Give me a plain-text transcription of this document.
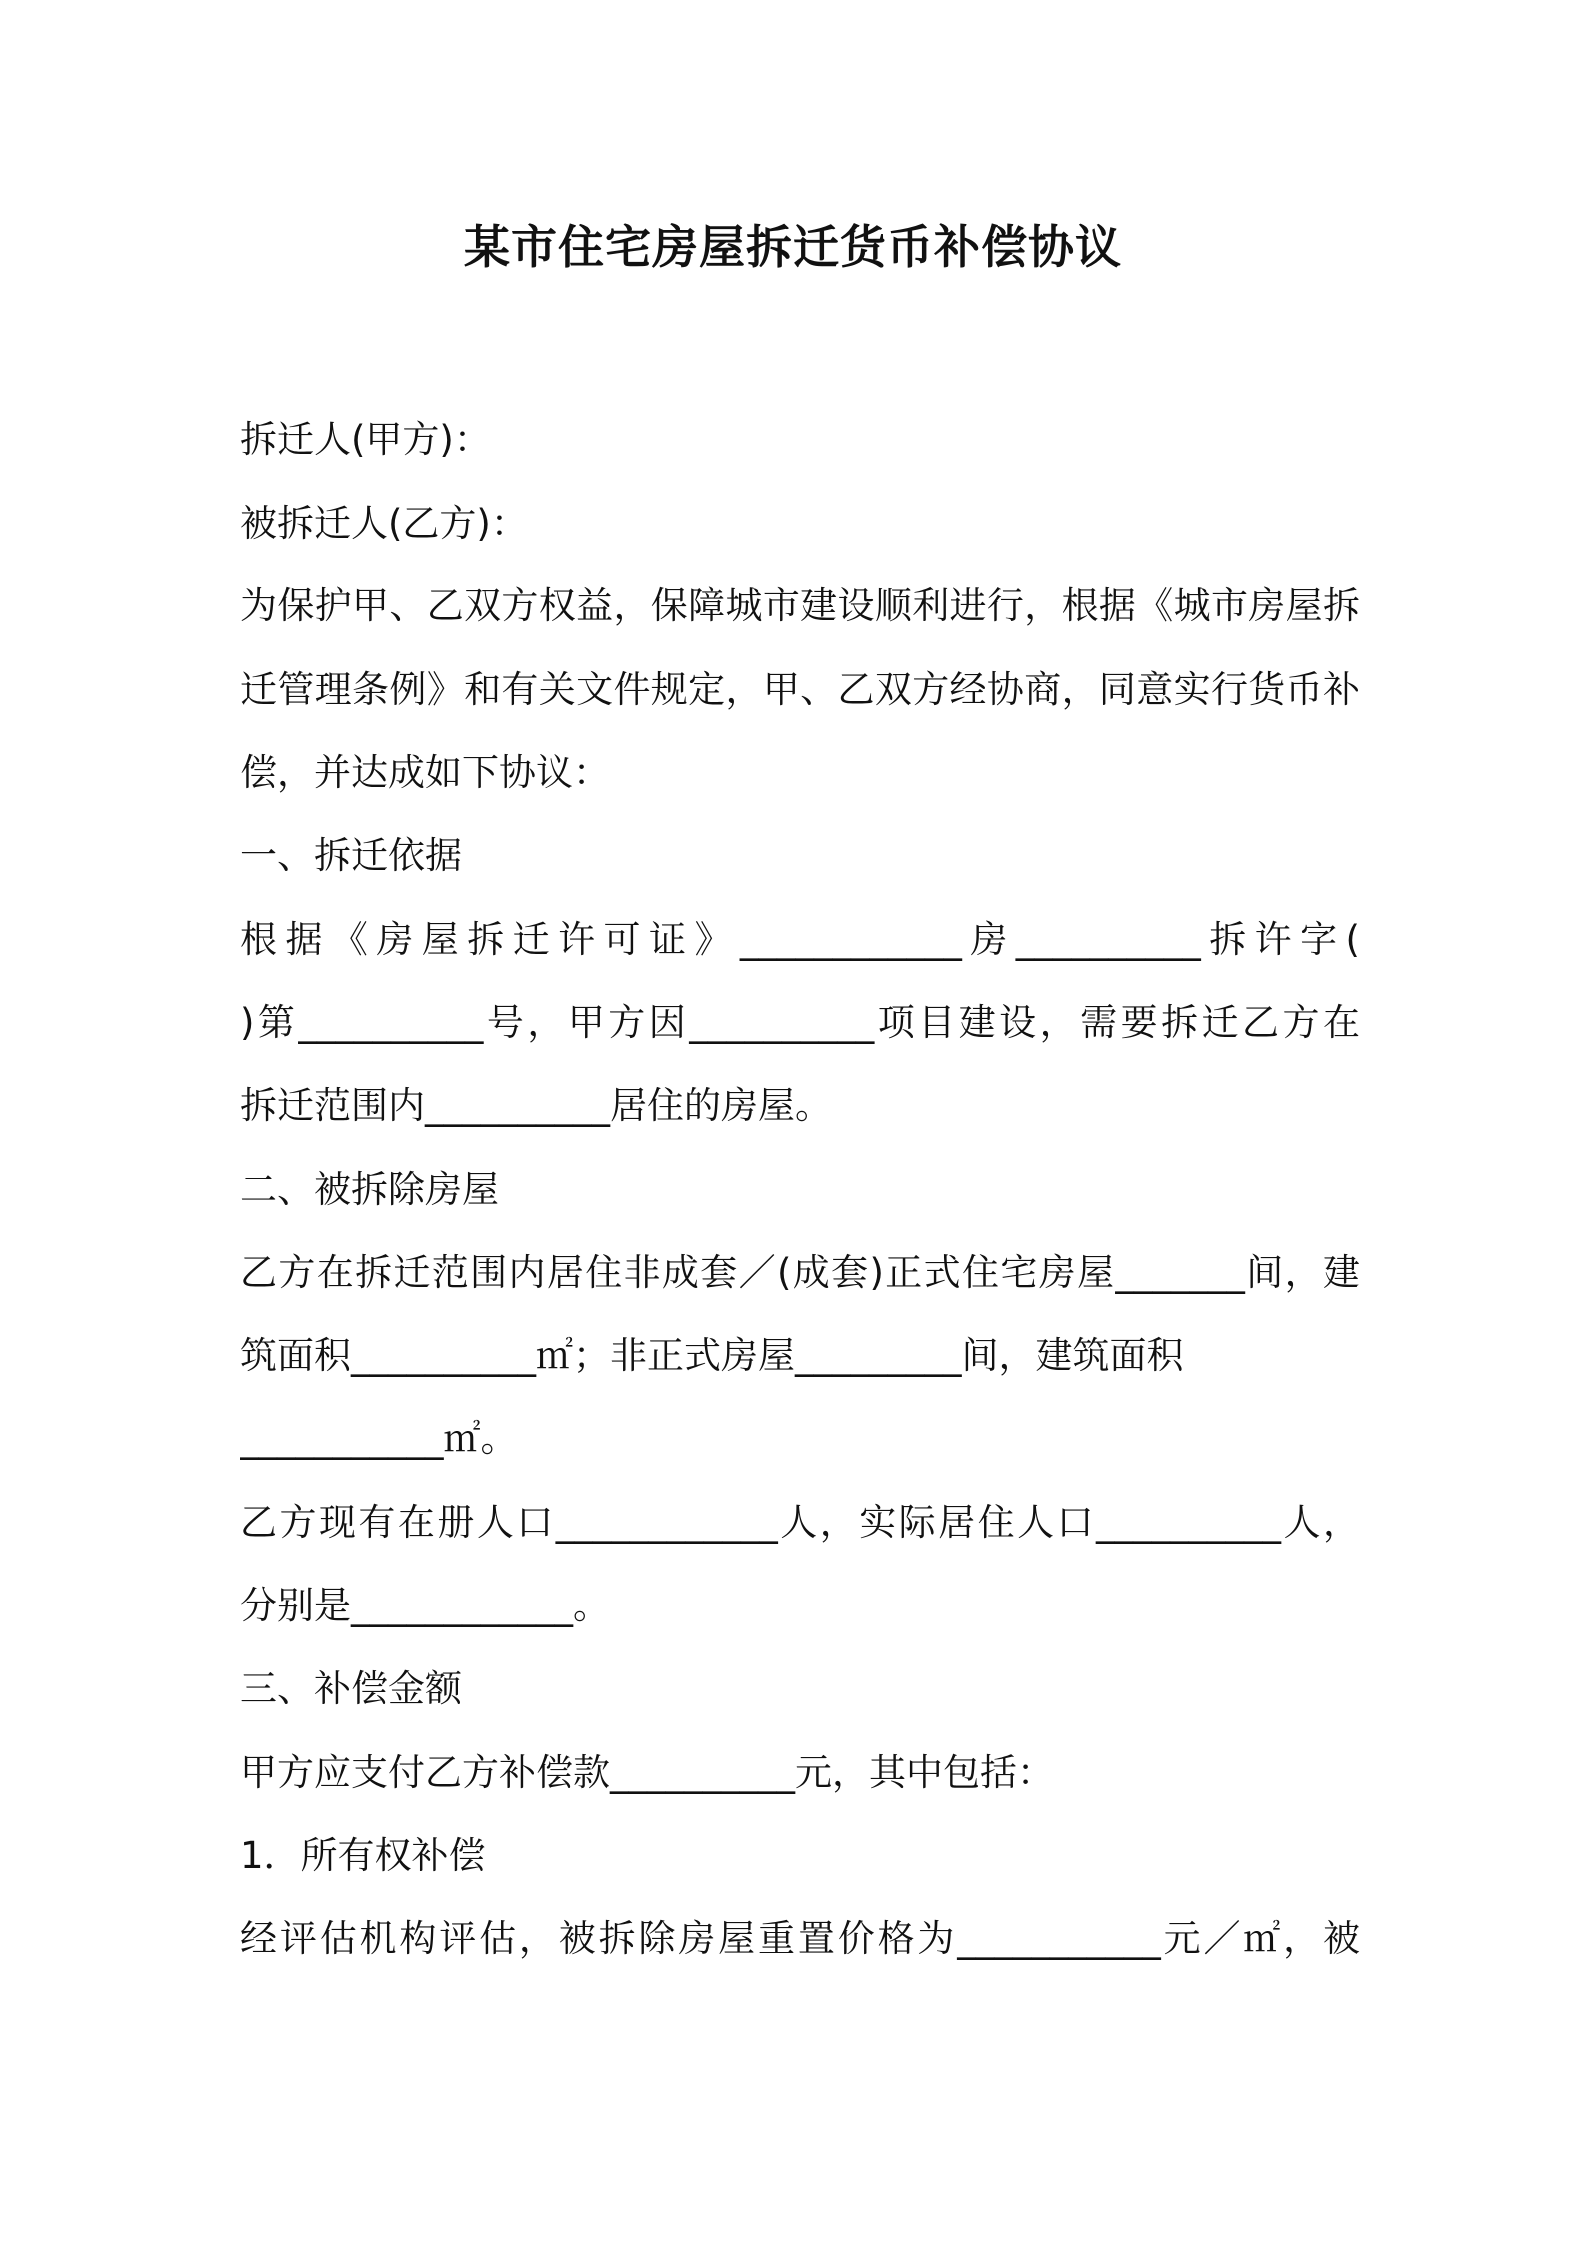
某市住宅房屋拆迁货币补偿协议
拆迁人(甲方)：
被拆迁人(乙方)：
为保护甲、乙双方权益，保障城市建设顺利进行，根据《城市房屋拆
迁管理条例》和有关文件规定，甲、乙双方经协商，同意实行货币补
偿，并达成如下协议：
一、拆迁依据
根据《房屋拆迁许可证》____________房__________拆许字(
)第__________号，甲方因__________项目建设，需要拆迁乙方在
拆迁范围内__________居住的房屋。
二、被拆除房屋
乙方在拆迁范围内居住非成套／(成套)正式住宅房屋_______间，建
筑面积__________㎡；非正式房屋_________间，建筑面积
___________㎡。
乙方现有在册人口____________人，实际居住人口__________人，
分别是____________。
三、补偿金额
甲方应支付乙方补偿款__________元，其中包括：
1．所有权补偿
经评估机构评估，被拆除房屋重置价格为___________元／㎡，被
